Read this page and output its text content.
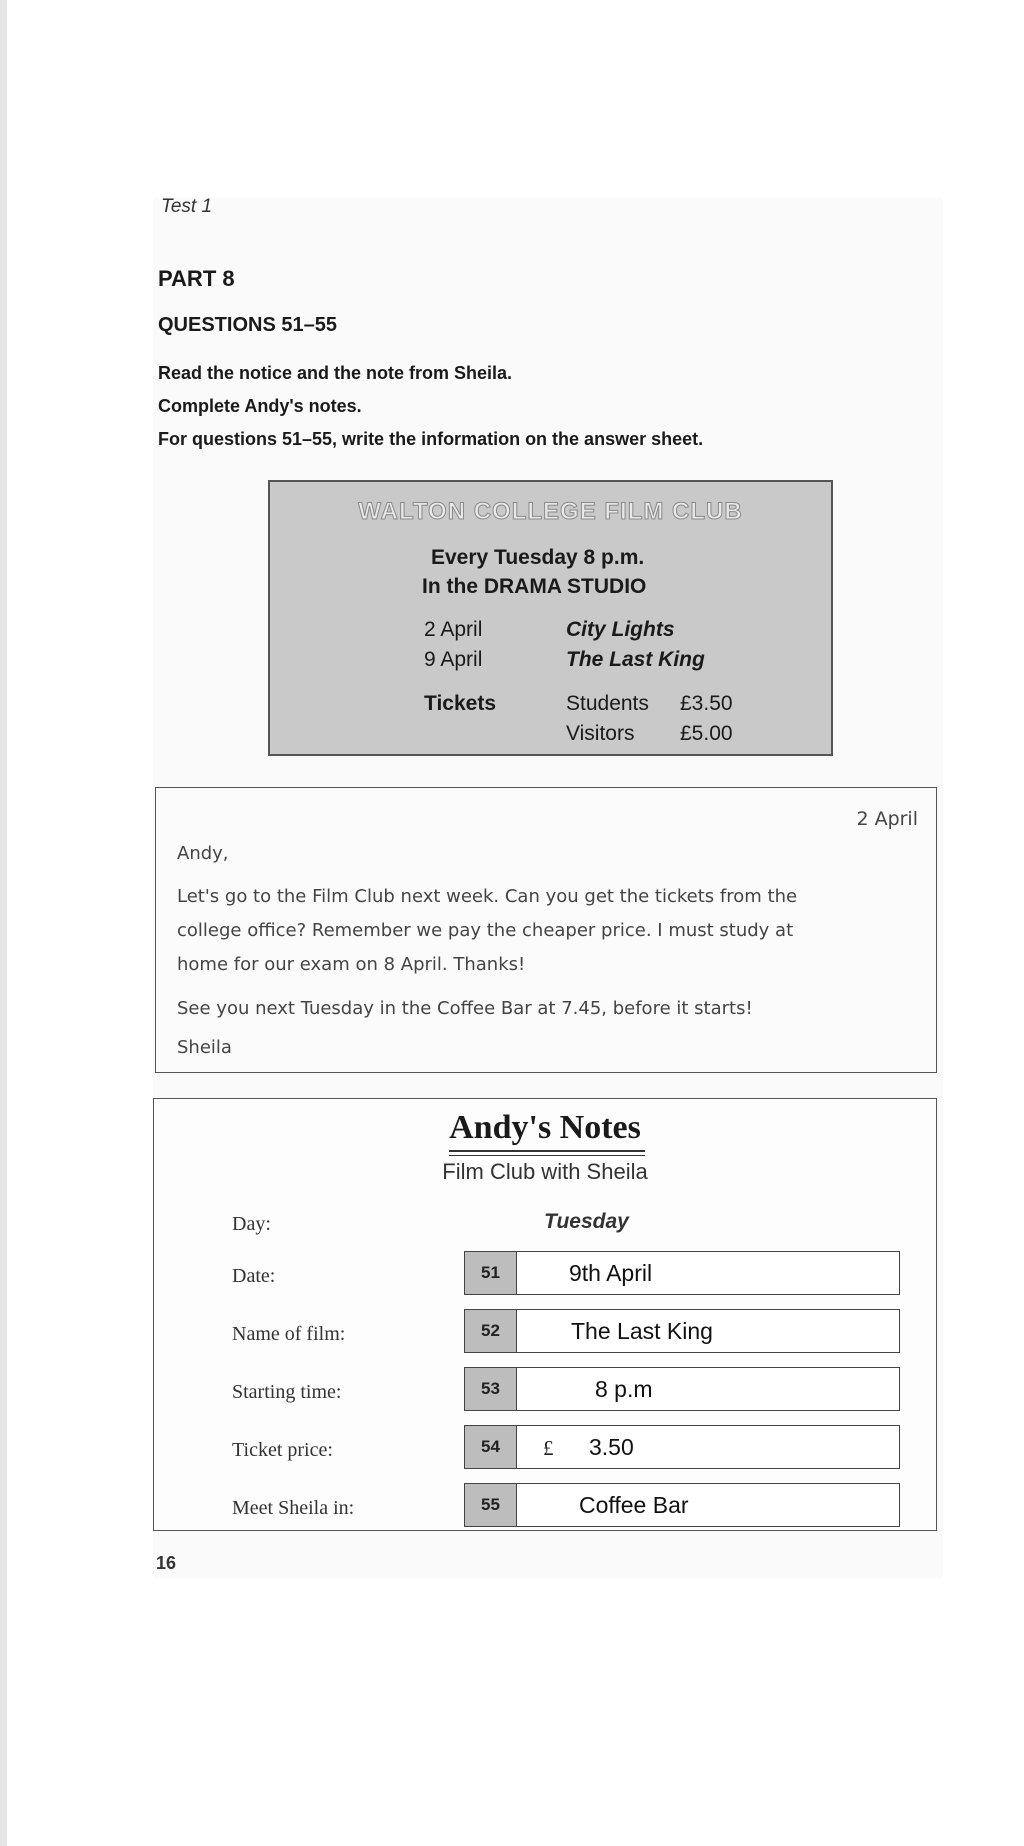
Test 1
PART 8
QUESTIONS 51–55
Read the notice and the note from Sheila.
Complete Andy's notes.
For questions 51–55, write the information on the answer sheet.
WALTON COLLEGE FILM CLUB
Every Tuesday 8 p.m.
In the DRAMA STUDIO
2 April	City Lights
9 April	The Last King
Tickets	Students £3.50
Visitors £5.00
2 April
Andy,
Let's go to the Film Club next week. Can you get the tickets from the
college office? Remember we pay the cheaper price. I must study at
home for our exam on 8 April. Thanks!
See you next Tuesday in the Coffee Bar at 7.45, before it starts!
Sheila
Andy's Notes
Film Club with Sheila
Day:	Tuesday
Date:	51	9th April
Name of film:	52	The Last King
Starting time:	53	8 p.m
Ticket price:	54	£ 3.50
Meet Sheila in:	55	Coffee Bar
16
